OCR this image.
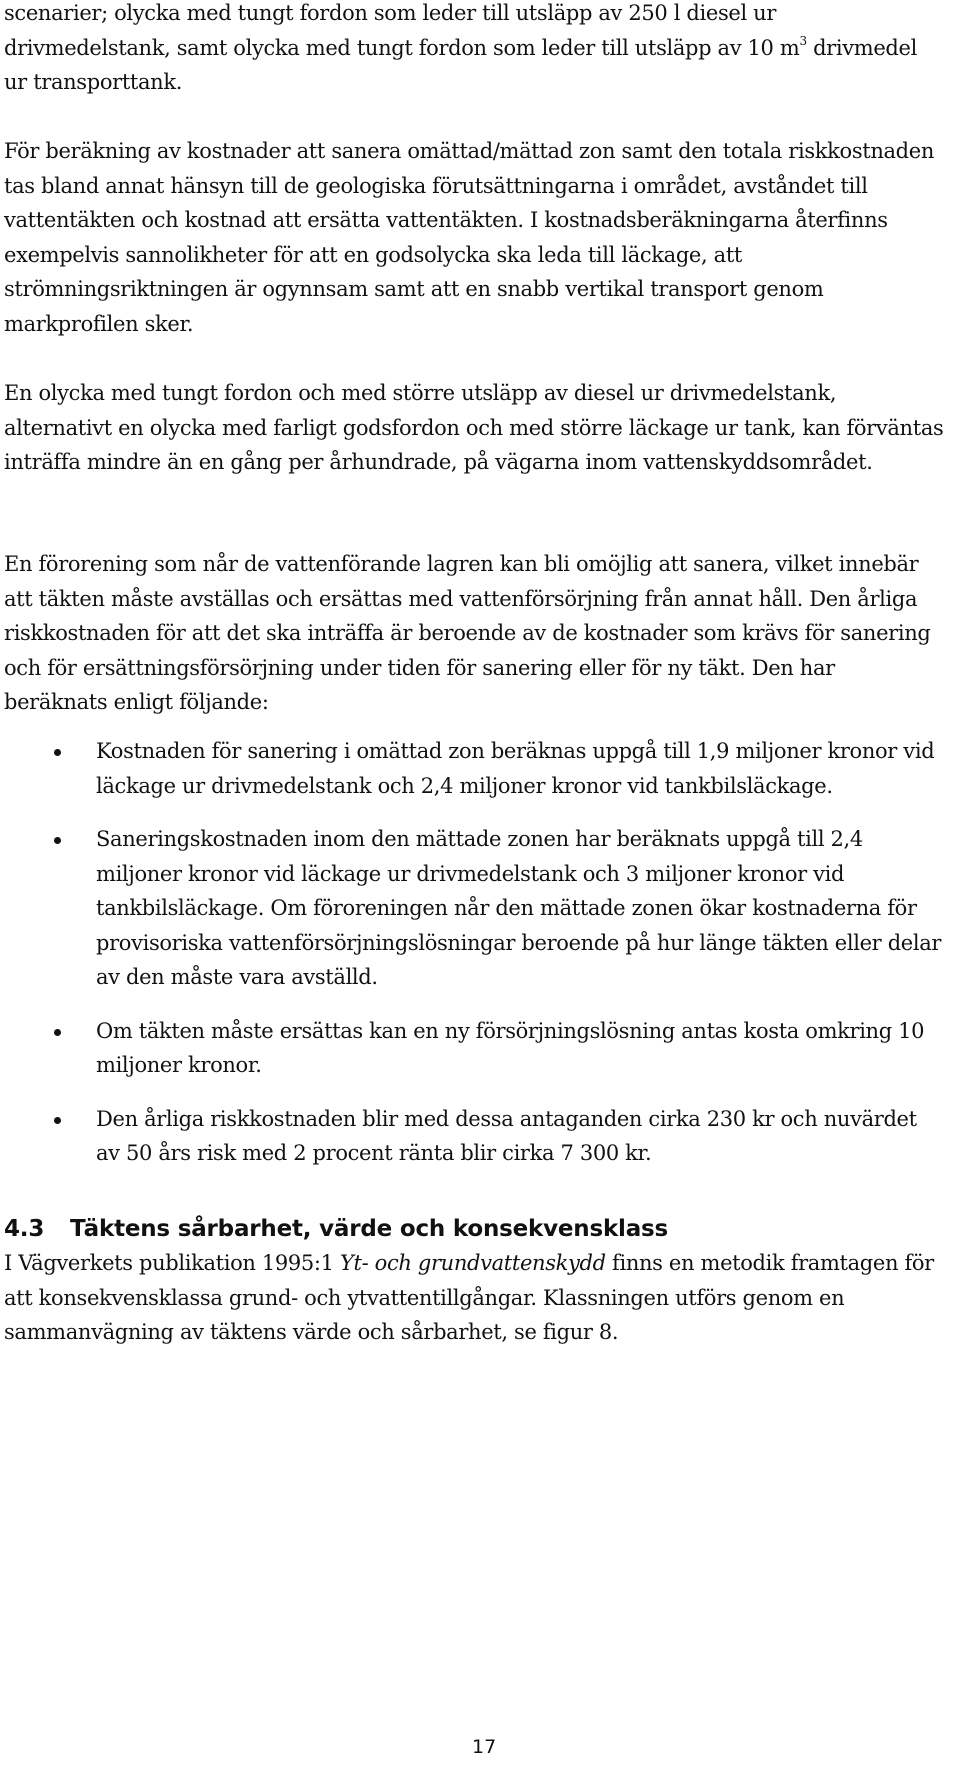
scenarier; olycka med tungt fordon som leder till utsläpp av 250 l diesel ur drivmedelstank, samt olycka med tungt fordon som leder till utsläpp av 10 $m^3$ drivmedel ur transporttank.

För beräkning av kostnader att sanera omättad/mättad zon samt den totala riskkostnaden tas bland annat hänsyn till de geologiska förutsättningarna i området, avståndet till vattentäkten och kostnad att ersätta vattentäkten. I kostnadsberäkningarna återfinns exempelvis sannolikheter för att en godsolycka ska leda till läckage, att strömningsriktningen är ogynnsam samt att en snabb vertikal transport genom markprofilen sker.

En olycka med tungt fordon och med större utsläpp av diesel ur drivmedelstank, alternativt en olycka med farligt godsfordon och med större läckage ur tank, kan förväntas inträffa mindre än en gång per århundrade, på vägarna inom vattenskyddsområdet.

En förorening som når de vattenförande lagren kan bli omöjlig att sanera, vilket innebär att täkten måste avställas och ersättas med vattenförsörjning från annat håll. Den årliga riskkostnaden för att det ska inträffa är beroende av de kostnader som krävs för sanering och för ersättningsförsörjning under tiden för sanering eller för ny täkt. Den har beräknats enligt följande:

Kostnaden för sanering i omättad zon beräknas uppgå till 1,9 miljoner kronor vid läckage ur drivmedelstank och 2,4 miljoner kronor vid tankbilsläckage.
Saneringskostnaden inom den mättade zonen har beräknats uppgå till 2,4 miljoner kronor vid läckage ur drivmedelstank och 3 miljoner kronor vid tankbilsläckage. Om föroreningen når den mättade zonen ökar kostnaderna för provisoriska vattenförsörjningslösningar beroende på hur länge täkten eller delar av den måste vara avställd.
Om täkten måste ersättas kan en ny försörjningslösning antas kosta omkring 10 miljoner kronor.
Den årliga riskkostnaden blir med dessa antaganden cirka 230 kr och nuvärdet av 50 års risk med 2 procent ränta blir cirka 7 300 kr.
4.3 Täktens sårbarhet, värde och konsekvensklass

I Vägverkets publikation 1995:1 Yt- och grundvattenskydd finns en metodik framtagen för att konsekvensklassa grund- och ytvattentillgångar. Klassningen utförs genom en sammanvägning av täktens värde och sårbarhet, se figur 8.

17
